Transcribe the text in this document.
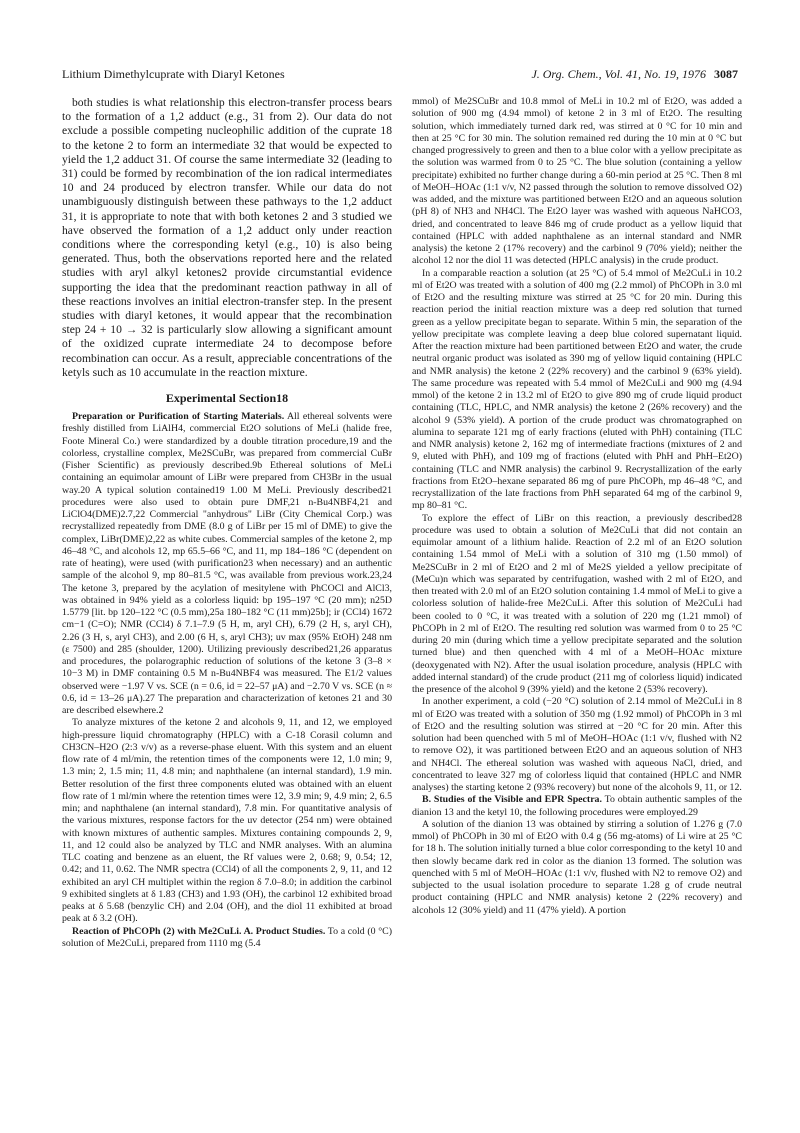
Lithium Dimethylcuprate with Diaryl Ketones	J. Org. Chem., Vol. 41, No. 19, 1976 3087

both studies is what relationship this electron-transfer process bears to the formation of a 1,2 adduct (e.g., 31 from 2). Our data do not exclude a possible competing nucleophilic addition of the cuprate 18 to the ketone 2 to form an intermediate 32 that would be expected to yield the 1,2 adduct 31. Of course the same intermediate 32 (leading to 31) could be formed by recombination of the ion radical intermediates 10 and 24 produced by electron transfer. While our data do not unambiguously distinguish between these pathways to the 1,2 adduct 31, it is appropriate to note that with both ketones 2 and 3 studied we have observed the formation of a 1,2 adduct only under reaction conditions where the corresponding ketyl (e.g., 10) is also being generated. Thus, both the observations reported here and the related studies with aryl alkyl ketones2 provide circumstantial evidence supporting the idea that the predominant reaction pathway in all of these reactions involves an initial electron-transfer step. In the present studies with diaryl ketones, it would appear that the recombination step 24 + 10 → 32 is particularly slow allowing a significant amount of the oxidized cuprate intermediate 24 to decompose before recombination can occur. As a result, appreciable concentrations of the ketyls such as 10 accumulate in the reaction mixture.

Experimental Section18

Preparation or Purification of Starting Materials. All ethereal solvents were freshly distilled from LiAlH4, commercial Et2O solutions of MeLi (halide free, Foote Mineral Co.) were standardized by a double titration procedure,19 and the colorless, crystalline complex, Me2SCuBr, was prepared from commercial CuBr (Fisher Scientific) as previously described.9b Ethereal solutions of MeLi containing an equimolar amount of LiBr were prepared from CH3Br in the usual way.20 A typical solution contained19 1.00 M MeLi. Previously described21 procedures were also used to obtain pure DMF,21 n-Bu4NBF4,21 and LiClO4(DME)2.7,22 Commercial "anhydrous" LiBr (City Chemical Corp.) was recrystallized repeatedly from DME (8.0 g of LiBr per 15 ml of DME) to give the complex, LiBr(DME)2,22 as white cubes. Commercial samples of the ketone 2, mp 46–48 °C, and alcohols 12, mp 65.5–66 °C, and 11, mp 184–186 °C (dependent on rate of heating), were used (with purification23 when necessary) and an authentic sample of the alcohol 9, mp 80–81.5 °C, was available from previous work.23,24 The ketone 3, prepared by the acylation of mesitylene with PhCOCl and AlCl3, was obtained in 94% yield as a colorless liquid: bp 195–197 °C (20 mm); n25D 1.5779 [lit. bp 120–122 °C (0.5 mm),25a 180–182 °C (11 mm)25b]; ir (CCl4) 1672 cm−1 (C=O); NMR (CCl4) δ 7.1–7.9 (5 H, m, aryl CH), 6.79 (2 H, s, aryl CH), 2.26 (3 H, s, aryl CH3), and 2.00 (6 H, s, aryl CH3); uv max (95% EtOH) 248 nm (ε 7500) and 285 (shoulder, 1200). Utilizing previously described21,26 apparatus and procedures, the polarographic reduction of solutions of the ketone 3 (3–8 × 10−3 M) in DMF containing 0.5 M n-Bu4NBF4 was measured. The E1/2 values observed were −1.97 V vs. SCE (n = 0.6, id = 22–57 μA) and −2.70 V vs. SCE (n ≈ 0.6, id = 13–26 μA).27 The preparation and characterization of ketones 21 and 30 are described elsewhere.2

To analyze mixtures of the ketone 2 and alcohols 9, 11, and 12, we employed high-pressure liquid chromatography (HPLC) with a C-18 Corasil column and CH3CN–H2O (2:3 v/v) as a reverse-phase eluent. With this system and an eluent flow rate of 4 ml/min, the retention times of the components were 12, 1.0 min; 9, 1.3 min; 2, 1.5 min; 11, 4.8 min; and naphthalene (an internal standard), 1.9 min. Better resolution of the first three components eluted was obtained with an eluent flow rate of 1 ml/min where the retention times were 12, 3.9 min; 9, 4.9 min; 2, 6.5 min; and naphthalene (an internal standard), 7.8 min. For quantitative analysis of the various mixtures, response factors for the uv detector (254 nm) were obtained with known mixtures of authentic samples. Mixtures containing compounds 2, 9, 11, and 12 could also be analyzed by TLC and NMR analyses. With an alumina TLC coating and benzene as an eluent, the Rf values were 2, 0.68; 9, 0.54; 12, 0.42; and 11, 0.62. The NMR spectra (CCl4) of all the components 2, 9, 11, and 12 exhibited an aryl CH multiplet within the region δ 7.0–8.0; in addition the carbinol 9 exhibited singlets at δ 1.83 (CH3) and 1.93 (OH), the carbinol 12 exhibited broad peaks at δ 5.68 (benzylic CH) and 2.04 (OH), and the diol 11 exhibited at broad peak at δ 3.2 (OH).

Reaction of PhCOPh (2) with Me2CuLi. A. Product Studies. To a cold (0 °C) solution of Me2CuLi, prepared from 1110 mg (5.4

mmol) of Me2SCuBr and 10.8 mmol of MeLi in 10.2 ml of Et2O, was added a solution of 900 mg (4.94 mmol) of ketone 2 in 3 ml of Et2O. The resulting solution, which immediately turned dark red, was stirred at 0 °C for 10 min and then at 25 °C for 30 min. The solution remained red during the 10 min at 0 °C but changed progressively to green and then to a blue color with a yellow precipitate as the solution was warmed from 0 to 25 °C. The blue solution (containing a yellow precipitate) exhibited no further change during a 60-min period at 25 °C. Then 8 ml of MeOH–HOAc (1:1 v/v, N2 passed through the solution to remove dissolved O2) was added, and the mixture was partitioned between Et2O and an aqueous solution (pH 8) of NH3 and NH4Cl. The Et2O layer was washed with aqueous NaHCO3, dried, and concentrated to leave 846 mg of crude product as a yellow liquid that contained (HPLC with added naphthalene as an internal standard and NMR analysis) the ketone 2 (17% recovery) and the carbinol 9 (70% yield); neither the alcohol 12 nor the diol 11 was detected (HPLC analysis) in the crude product.

In a comparable reaction a solution (at 25 °C) of 5.4 mmol of Me2CuLi in 10.2 ml of Et2O was treated with a solution of 400 mg (2.2 mmol) of PhCOPh in 3.0 ml of Et2O and the resulting mixture was stirred at 25 °C for 20 min. During this reaction period the initial reaction mixture was a deep red solution that turned green as a yellow precipitate began to separate. Within 5 min, the separation of the yellow precipitate was complete leaving a deep blue colored supernatant liquid. After the reaction mixture had been partitioned between Et2O and water, the crude neutral organic product was isolated as 390 mg of yellow liquid containing (HPLC and NMR analysis) the ketone 2 (22% recovery) and the carbinol 9 (63% yield). The same procedure was repeated with 5.4 mmol of Me2CuLi and 900 mg (4.94 mmol) of the ketone 2 in 13.2 ml of Et2O to give 890 mg of crude liquid product containing (TLC, HPLC, and NMR analysis) the ketone 2 (26% recovery) and the alcohol 9 (53% yield). A portion of the crude product was chromatographed on alumina to separate 121 mg of early fractions (eluted with PhH) containing (TLC and NMR analysis) ketone 2, 162 mg of intermediate fractions (mixtures of 2 and 9, eluted with PhH), and 109 mg of fractions (eluted with PhH and PhH–Et2O) containing (TLC and NMR analysis) the carbinol 9. Recrystallization of the early fractions from Et2O–hexane separated 86 mg of pure PhCOPh, mp 46–48 °C, and recrystallization of the late fractions from PhH separated 64 mg of the carbinol 9, mp 80–81 °C.

To explore the effect of LiBr on this reaction, a previously described28 procedure was used to obtain a solution of Me2CuLi that did not contain an equimolar amount of a lithium halide. Reaction of 2.2 ml of an Et2O solution containing 1.54 mmol of MeLi with a solution of 310 mg (1.50 mmol) of Me2SCuBr in 2 ml of Et2O and 2 ml of Me2S yielded a yellow precipitate of (MeCu)n which was separated by centrifugation, washed with 2 ml of Et2O, and then treated with 2.0 ml of an Et2O solution containing 1.4 mmol of MeLi to give a colorless solution of halide-free Me2CuLi. After this solution of Me2CuLi had been cooled to 0 °C, it was treated with a solution of 220 mg (1.21 mmol) of PhCOPh in 2 ml of Et2O. The resulting red solution was warmed from 0 to 25 °C during 20 min (during which time a yellow precipitate separated and the solution turned blue) and then quenched with 4 ml of a MeOH–HOAc mixture (deoxygenated with N2). After the usual isolation procedure, analysis (HPLC with added internal standard) of the crude product (211 mg of colorless liquid) indicated the presence of the alcohol 9 (39% yield) and the ketone 2 (53% recovery).

In another experiment, a cold (−20 °C) solution of 2.14 mmol of Me2CuLi in 8 ml of Et2O was treated with a solution of 350 mg (1.92 mmol) of PhCOPh in 3 ml of Et2O and the resulting solution was stirred at −20 °C for 20 min. After this solution had been quenched with 5 ml of MeOH–HOAc (1:1 v/v, flushed with N2 to remove O2), it was partitioned between Et2O and an aqueous solution of NH3 and NH4Cl. The ethereal solution was washed with aqueous NaCl, dried, and concentrated to leave 327 mg of colorless liquid that contained (HPLC and NMR analyses) the starting ketone 2 (93% recovery) but none of the alcohols 9, 11, or 12.

B. Studies of the Visible and EPR Spectra. To obtain authentic samples of the dianion 13 and the ketyl 10, the following procedures were employed.29

A solution of the dianion 13 was obtained by stirring a solution of 1.276 g (7.0 mmol) of PhCOPh in 30 ml of Et2O with 0.4 g (56 mg-atoms) of Li wire at 25 °C for 18 h. The solution initially turned a blue color corresponding to the ketyl 10 and then slowly became dark red in color as the dianion 13 formed. The solution was quenched with 5 ml of MeOH–HOAc (1:1 v/v, flushed with N2 to remove O2) and subjected to the usual isolation procedure to separate 1.28 g of crude neutral product containing (HPLC and NMR analysis) ketone 2 (22% recovery) and alcohols 12 (30% yield) and 11 (47% yield). A portion
